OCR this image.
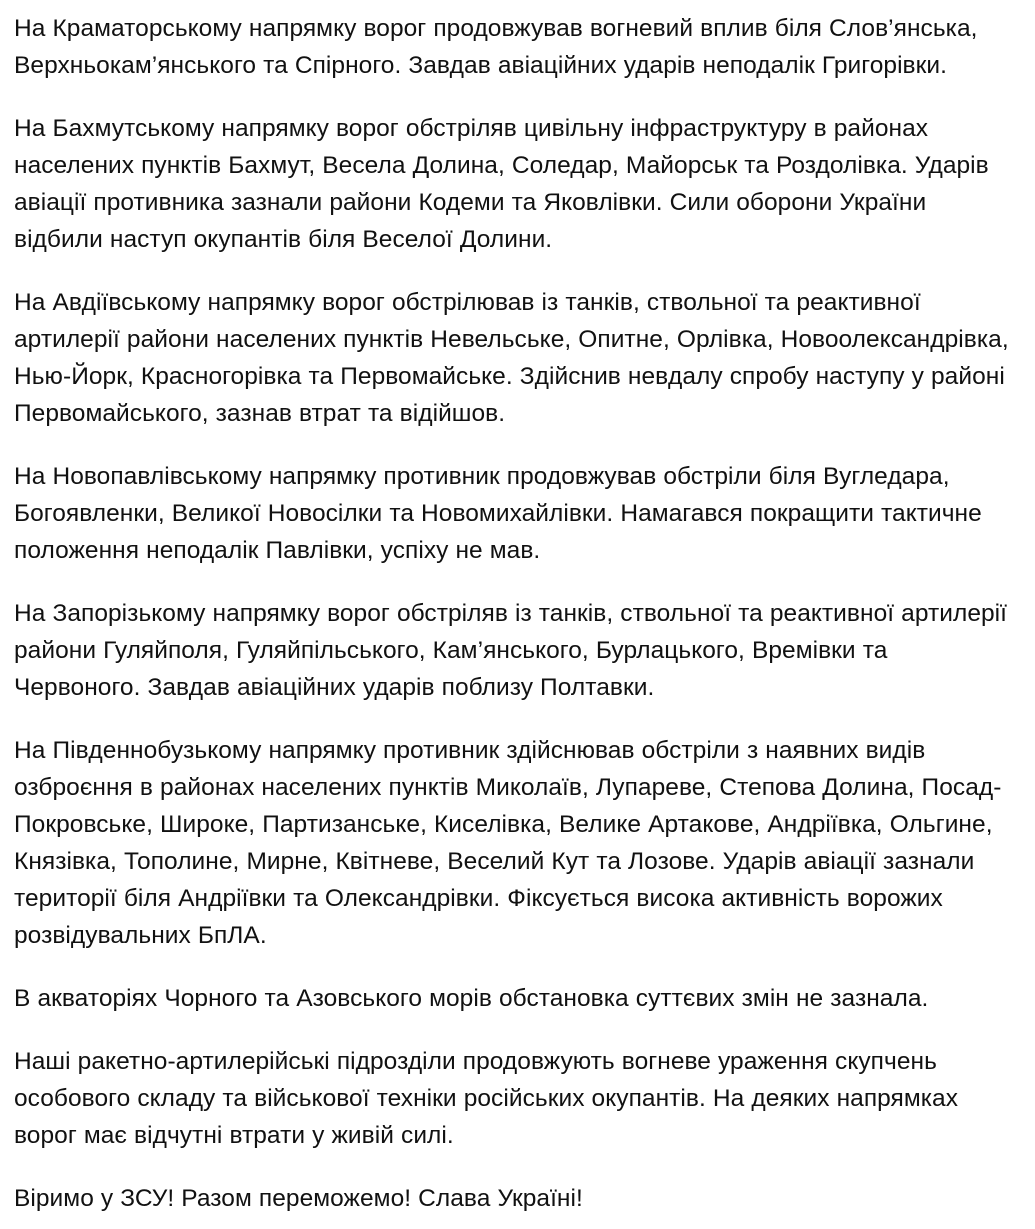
На Краматорському напрямку ворог продовжував вогневий вплив біля Слов’янська, Верхньокам’янського та Спірного. Завдав авіаційних ударів неподалік Григорівки.

На Бахмутському напрямку ворог обстріляв цивільну інфраструктуру в районах населених пунктів Бахмут, Весела Долина, Соледар, Майорськ та Роздолівка. Ударів авіації противника зазнали райони Кодеми та Яковлівки. Сили оборони України відбили наступ окупантів біля Веселої Долини.

На Авдіївському напрямку ворог обстрілював із танків, ствольної та реактивної артилерії райони населених пунктів Невельське, Опитне, Орлівка, Новоолександрівка, Нью-Йорк, Красногорівка та Первомайське. Здійснив невдалу спробу наступу у районі Первомайського, зазнав втрат та відійшов.

На Новопавлівському напрямку противник продовжував обстріли біля Вугледара, Богоявленки, Великої Новосілки та Новомихайлівки. Намагався покращити тактичне положення неподалік Павлівки, успіху не мав.

На Запорізькому напрямку ворог обстріляв із танків, ствольної та реактивної артилерії райони Гуляйполя, Гуляйпільського, Кам’янського, Бурлацького, Времівки та Червоного. Завдав авіаційних ударів поблизу Полтавки.

На Південнобузькому напрямку противник здійснював обстріли з наявних видів озброєння в районах населених пунктів Миколаїв, Лупареве, Степова Долина, Посад-Покровське, Широке, Партизанське, Киселівка, Велике Артакове, Андріївка, Ольгине, Князівка, Тополине, Мирне, Квітневе, Веселий Кут та Лозове. Ударів авіації зазнали території біля Андріївки та Олександрівки. Фіксується висока активність ворожих розвідувальних БпЛА.

В акваторіях Чорного та Азовського морів обстановка суттєвих змін не зазнала.

Наші ракетно-артилерійські підрозділи продовжують вогневе ураження скупчень особового складу та військової техніки російських окупантів. На деяких напрямках ворог має відчутні втрати у живій силі.

Віримо у ЗСУ! Разом переможемо! Слава Україні!
